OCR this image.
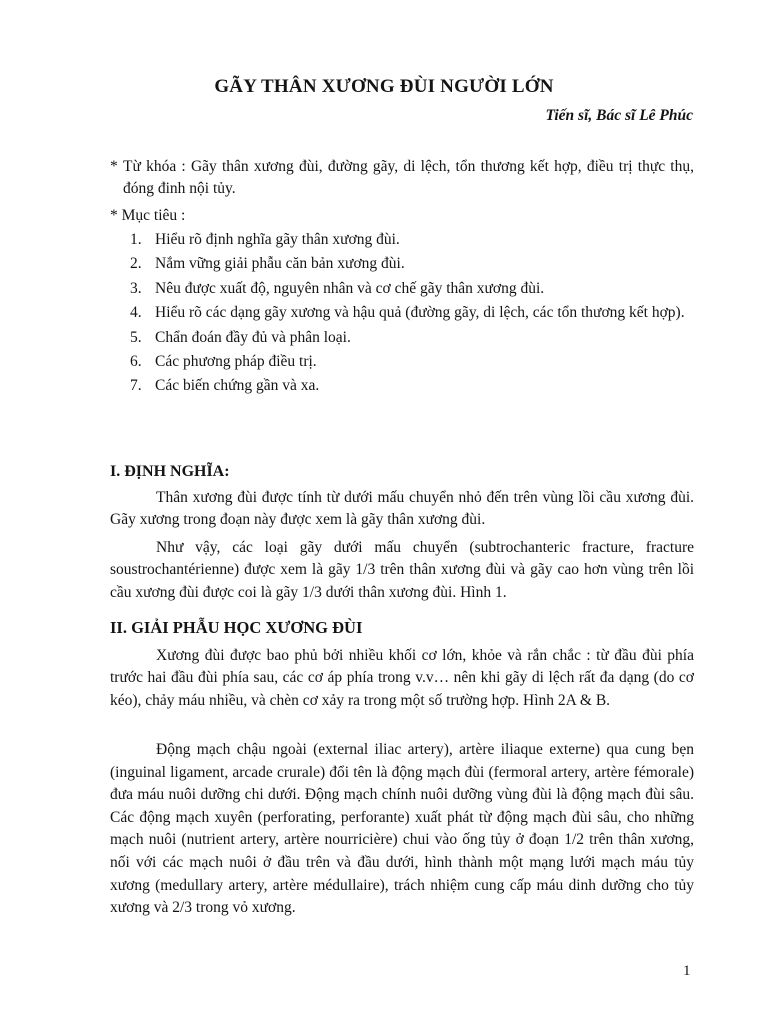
GÃY THÂN XƯƠNG ĐÙI NGƯỜI LỚN
Tiến sĩ, Bác sĩ Lê Phúc
* Từ khóa : Gãy thân xương đùi, đường gãy, di lệch, tổn thương kết hợp, điều trị thực thụ, đóng đinh nội tủy.
* Mục tiêu :
1. Hiểu rõ định nghĩa gãy thân xương đùi.
2. Nắm vững giải phẫu căn bản xương đùi.
3. Nêu được xuất độ, nguyên nhân và cơ chế gãy thân xương đùi.
4. Hiểu rõ các dạng gãy xương và hậu quả (đường gãy, di lệch, các tổn thương kết hợp).
5. Chẩn đoán đầy đủ và phân loại.
6. Các phương pháp điều trị.
7. Các biến chứng gần và xa.
I. ĐỊNH NGHĨA:

Thân xương đùi được tính từ dưới mấu chuyển nhỏ đến trên vùng lồi cầu xương đùi. Gãy xương trong đoạn này được xem là gãy thân xương đùi.

Như vậy, các loại gãy dưới mấu chuyển (subtrochanteric fracture, fracture soustrochantérienne) được xem là gãy 1/3 trên thân xương đùi và gãy cao hơn vùng trên lồi cầu xương đùi được coi là gãy 1/3 dưới thân xương đùi. Hình 1.

II. GIẢI PHẪU HỌC XƯƠNG ĐÙI

Xương đùi được bao phủ bởi nhiều khối cơ lớn, khỏe và rắn chắc : từ đầu đùi phía trước hai đầu đùi phía sau, các cơ áp phía trong v.v… nên khi gãy di lệch rất đa dạng (do cơ kéo), chảy máu nhiều, và chèn cơ xảy ra trong một số trường hợp. Hình 2A & B.

Động mạch chậu ngoài (external iliac artery), artère iliaque externe) qua cung bẹn (inguinal ligament, arcade crurale) đổi tên là động mạch đùi (fermoral artery, artère fémorale) đưa máu nuôi dưỡng chi dưới. Động mạch chính nuôi dưỡng vùng đùi là động mạch đùi sâu. Các động mạch xuyên (perforating, perforante) xuất phát từ động mạch đùi sâu, cho những mạch nuôi (nutrient artery, artère nourricière) chui vào ống tủy ở đoạn 1/2 trên thân xương, nối với các mạch nuôi ở đầu trên và đầu dưới, hình thành một mạng lưới mạch máu tủy xương (medullary artery, artère médullaire), trách nhiệm cung cấp máu dinh dưỡng cho tủy xương và 2/3 trong vỏ xương.

1
